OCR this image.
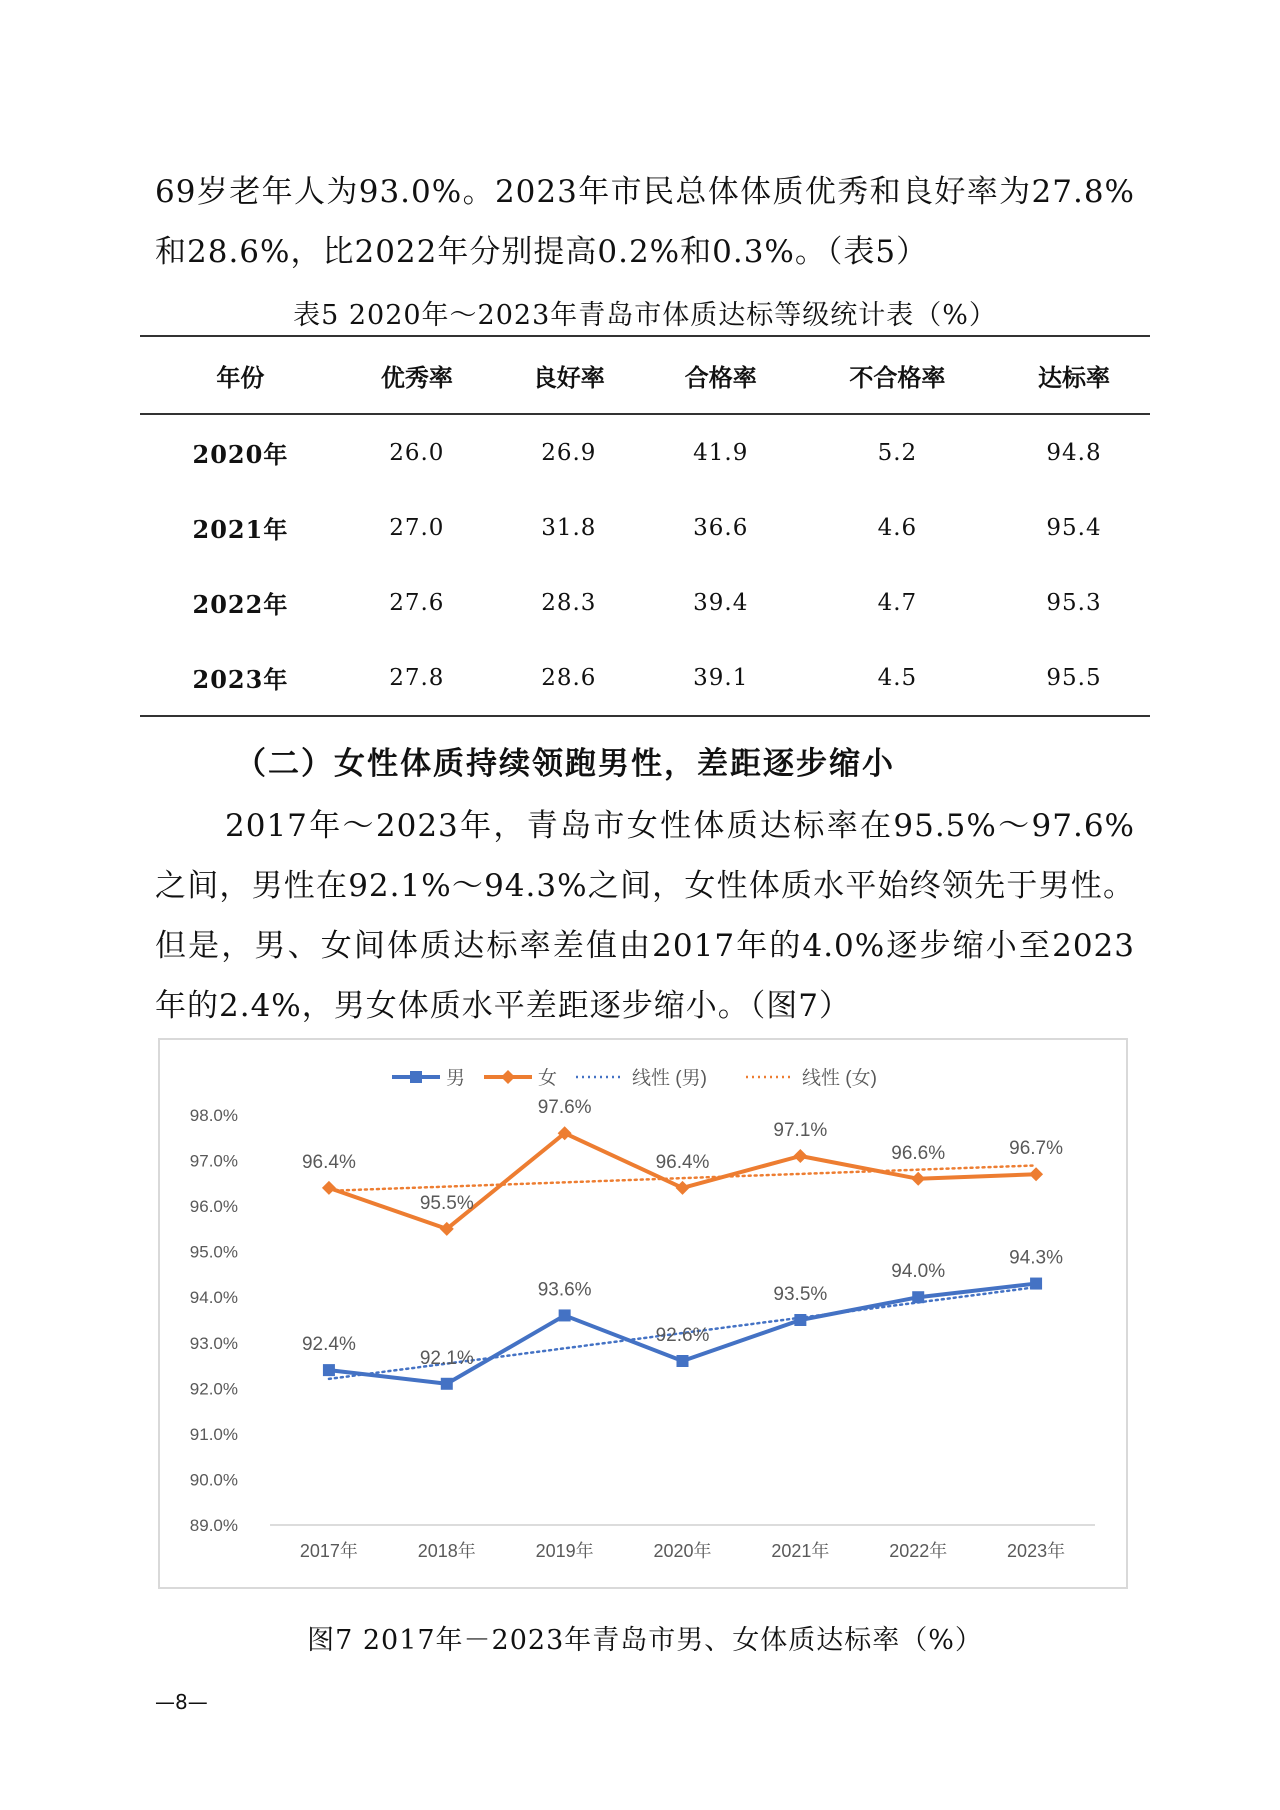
69岁老年人为93.0%。2023年市民总体体质优秀和良好率为27.8%
和28.6%，比2022年分别提高0.2%和0.3%。（表5）
表5 2020年～2023年青岛市体质达标等级统计表（%）
年份	优秀率	良好率	合格率	不合格率	达标率
2020年	26.0	26.9	41.9	5.2	94.8
2021年	27.0	31.8	36.6	4.6	95.4
2022年	27.6	28.3	39.4	4.7	95.3
2023年	27.8	28.6	39.1	4.5	95.5
（二）女性体质持续领跑男性，差距逐步缩小
2017年～2023年，青岛市女性体质达标率在95.5%～97.6%
之间，男性在92.1%～94.3%之间，女性体质水平始终领先于男性。
但是，男、女间体质达标率差值由2017年的4.0%逐步缩小至2023
年的2.4%，男女体质水平差距逐步缩小。（图7）
89.0%
90.0%
91.0%
92.0%
93.0%
94.0%
95.0%
96.0%
97.0%
98.0%
2017年	2018年	2019年	2020年	2021年	2022年	2023年
92.4%
92.1%
93.6%
92.6%
93.5%
94.0%
94.3%
96.4%
95.5%
97.6%
96.4%
97.1%
96.6%	96.7%
男	女	线性 (男)	线性 (女)
图7 2017年－2023年青岛市男、女体质达标率（%）
—8—
